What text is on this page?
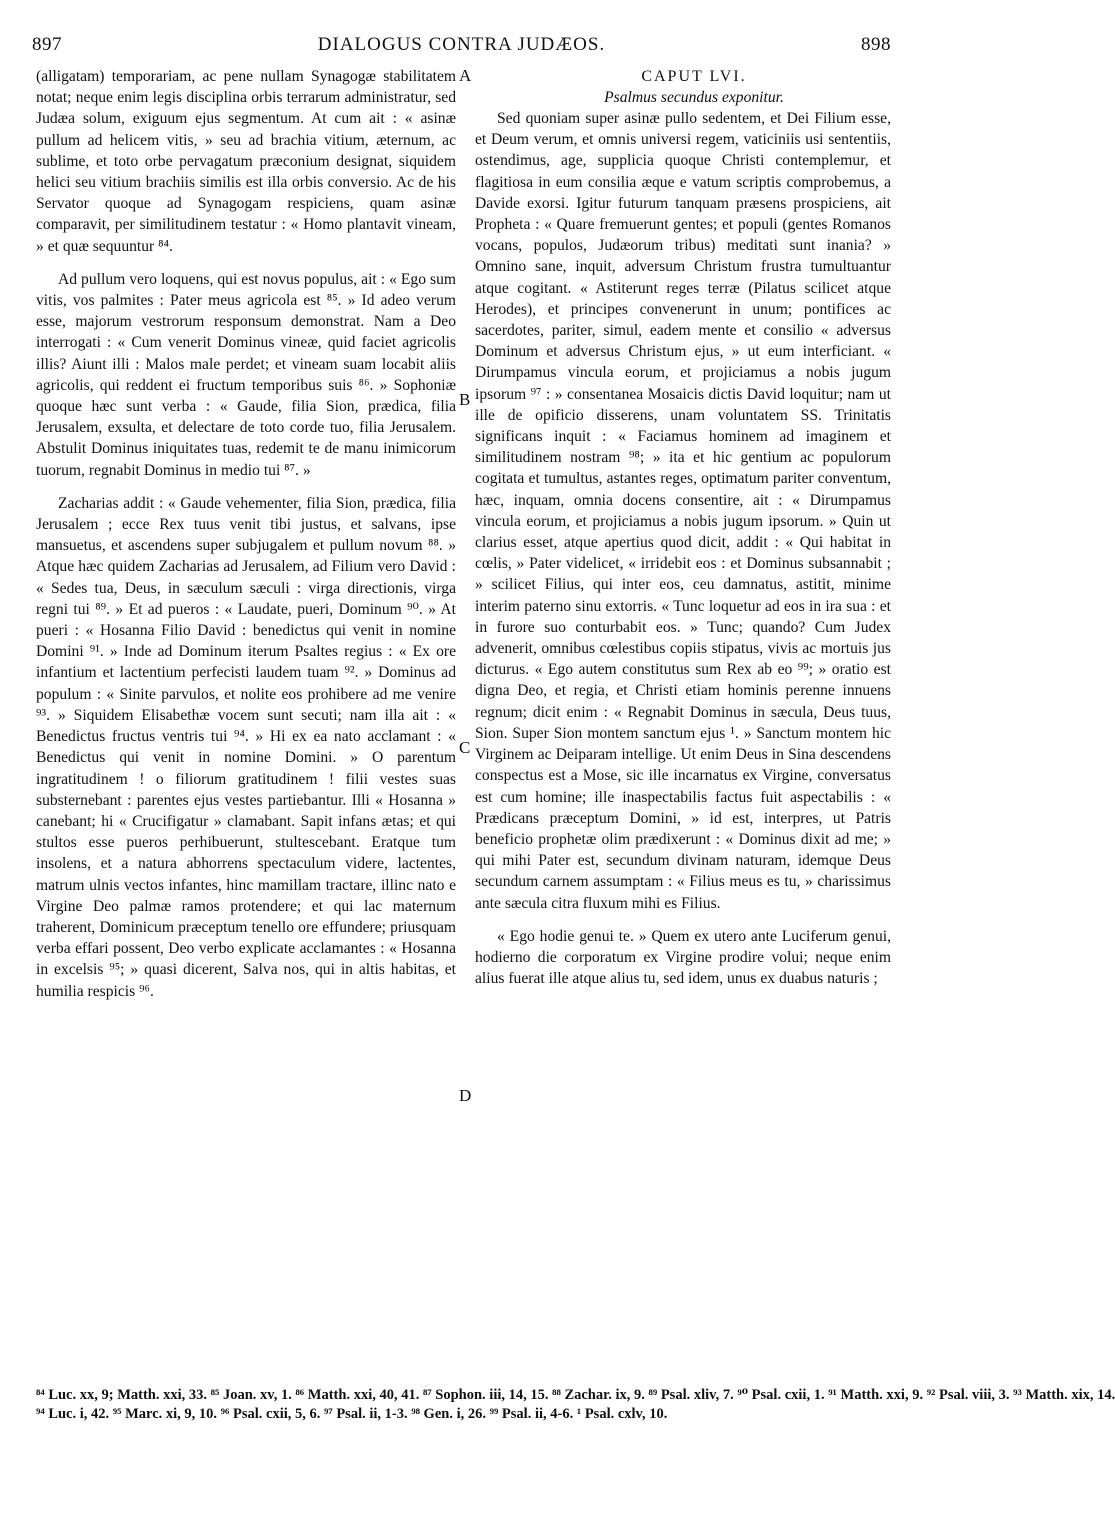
897	DIALOGUS CONTRA JUDÆOS.	898

(alligatam) temporariam, ac pene nullam Synagogæ stabilitatem notat; neque enim legis disciplina orbis terrarum administratur, sed Judæa solum, exiguum ejus segmentum. At cum ait : « asinæ pullum ad helicem vitis, » seu ad brachia vitium, æternum, ac sublime, et toto orbe pervagatum præconium designat, siquidem helici seu vitium brachiis similis est illa orbis conversio. Ac de his Servator quoque ad Synagogam respiciens, quam asinæ comparavit, per similitudinem testatur : « Homo plantavit vineam, » et quæ sequuntur ⁸⁴.

Ad pullum vero loquens, qui est novus populus, ait : « Ego sum vitis, vos palmites : Pater meus agricola est ⁸⁵. » Id adeo verum esse, majorum vestrorum responsum demonstrat. Nam a Deo interrogati : « Cum venerit Dominus vineæ, quid faciet agricolis illis? Aiunt illi : Malos male perdet; et vineam suam locabit aliis agricolis, qui reddent ei fructum temporibus suis ⁸⁶. » Sophoniæ quoque hæc sunt verba : « Gaude, filia Sion, prædica, filia Jerusalem, exsulta, et delectare de toto corde tuo, filia Jerusalem. Abstulit Dominus iniquitates tuas, redemit te de manu inimicorum tuorum, regnabit Dominus in medio tui ⁸⁷. »

Zacharias addit : « Gaude vehementer, filia Sion, prædica, filia Jerusalem ; ecce Rex tuus venit tibi justus, et salvans, ipse mansuetus, et ascendens super subjugalem et pullum novum ⁸⁸. » Atque hæc quidem Zacharias ad Jerusalem, ad Filium vero David : « Sedes tua, Deus, in sæculum sæculi : virga directionis, virga regni tui ⁸⁹. » Et ad pueros : « Laudate, pueri, Dominum ⁹⁰. » At pueri : « Hosanna Filio David : benedictus qui venit in nomine Domini ⁹¹. » Inde ad Dominum iterum Psaltes regius : « Ex ore infantium et lactentium perfecisti laudem tuam ⁹². » Dominus ad populum : « Sinite parvulos, et nolite eos prohibere ad me venire ⁹³. » Siquidem Elisabethæ vocem sunt secuti; nam illa ait : « Benedictus fructus ventris tui ⁹⁴. » Hi ex ea nato acclamant : « Benedictus qui venit in nomine Domini. » O parentum ingratitudinem ! o filiorum gratitudinem ! filii vestes suas substernebant : parentes ejus vestes partiebantur. Illi « Hosanna » canebant; hi « Crucifigatur » clamabant. Sapit infans ætas; et qui stultos esse pueros perhibuerunt, stultescebant. Eratque tum insolens, et a natura abhorrens spectaculum videre, lactentes, matrum ulnis vectos infantes, hinc mamillam tractare, illinc nato e Virgine Deo palmæ ramos protendere; et qui lac maternum traherent, Dominicum præceptum tenello ore effundere; priusquam verba effari possent, Deo verbo explicate acclamantes : « Hosanna in excelsis ⁹⁵; » quasi dicerent, Salva nos, qui in altis habitas, et humilia respicis ⁹⁶.

A
B
C
D

CAPUT LVI.

Psalmus secundus exponitur.

Sed quoniam super asinæ pullo sedentem, et Dei Filium esse, et Deum verum, et omnis universi regem, vaticiniis usi sententiis, ostendimus, age, supplicia quoque Christi contemplemur, et flagitiosa in eum consilia æque e vatum scriptis comprobemus, a Davide exorsi. Igitur futurum tanquam præsens prospiciens, ait Propheta : « Quare fremuerunt gentes; et populi (gentes Romanos vocans, populos, Judæorum tribus) meditati sunt inania? » Omnino sane, inquit, adversum Christum frustra tumultuantur atque cogitant. « Astiterunt reges terræ (Pilatus scilicet atque Herodes), et principes convenerunt in unum; pontifices ac sacerdotes, pariter, simul, eadem mente et consilio « adversus Dominum et adversus Christum ejus, » ut eum interficiant. « Dirumpamus vincula eorum, et projiciamus a nobis jugum ipsorum ⁹⁷ : » consentanea Mosaicis dictis David loquitur; nam ut ille de opificio disserens, unam voluntatem SS. Trinitatis significans inquit : « Faciamus hominem ad imaginem et similitudinem nostram ⁹⁸; » ita et hic gentium ac populorum cogitata et tumultus, astantes reges, optimatum pariter conventum, hæc, inquam, omnia docens consentire, ait : « Dirumpamus vincula eorum, et projiciamus a nobis jugum ipsorum. » Quin ut clarius esset, atque apertius quod dicit, addit : « Qui habitat in cœlis, » Pater videlicet, « irridebit eos : et Dominus subsannabit ; » scilicet Filius, qui inter eos, ceu damnatus, astitit, minime interim paterno sinu extorris. « Tunc loquetur ad eos in ira sua : et in furore suo conturbabit eos. » Tunc; quando? Cum Judex advenerit, omnibus cœlestibus copiis stipatus, vivis ac mortuis jus dicturus. « Ego autem constitutus sum Rex ab eo ⁹⁹; » oratio est digna Deo, et regia, et Christi etiam hominis perenne innuens regnum; dicit enim : « Regnabit Dominus in sæcula, Deus tuus, Sion. Super Sion montem sanctum ejus ¹. » Sanctum montem hic Virginem ac Deiparam intellige. Ut enim Deus in Sina descendens conspectus est a Mose, sic ille incarnatus ex Virgine, conversatus est cum homine; ille inaspectabilis factus fuit aspectabilis : « Prædicans præceptum Domini, » id est, interpres, ut Patris beneficio prophetæ olim prædixerunt : « Dominus dixit ad me; » qui mihi Pater est, secundum divinam naturam, idemque Deus secundum carnem assumptam : « Filius meus es tu, » charissimus ante sæcula citra fluxum mihi es Filius.

« Ego hodie genui te. » Quem ex utero ante Luciferum genui, hodierno die corporatum ex Virgine prodire volui; neque enim alius fuerat ille atque alius tu, sed idem, unus ex duabus naturis ;

⁸⁴ Luc. xx, 9; Matth. xxi, 33. ⁸⁵ Joan. xv, 1. ⁸⁶ Matth. xxi, 40, 41. ⁸⁷ Sophon. iii, 14, 15. ⁸⁸ Zachar. ix, 9. ⁸⁹ Psal. xliv, 7. ⁹⁰ Psal. cxii, 1. ⁹¹ Matth. xxi, 9. ⁹² Psal. viii, 3. ⁹³ Matth. xix, 14.
⁹⁴ Luc. i, 42. ⁹⁵ Marc. xi, 9, 10. ⁹⁶ Psal. cxii, 5, 6. ⁹⁷ Psal. ii, 1-3. ⁹⁸ Gen. i, 26. ⁹⁹ Psal. ii, 4-6. ¹ Psal. cxlv, 10.
